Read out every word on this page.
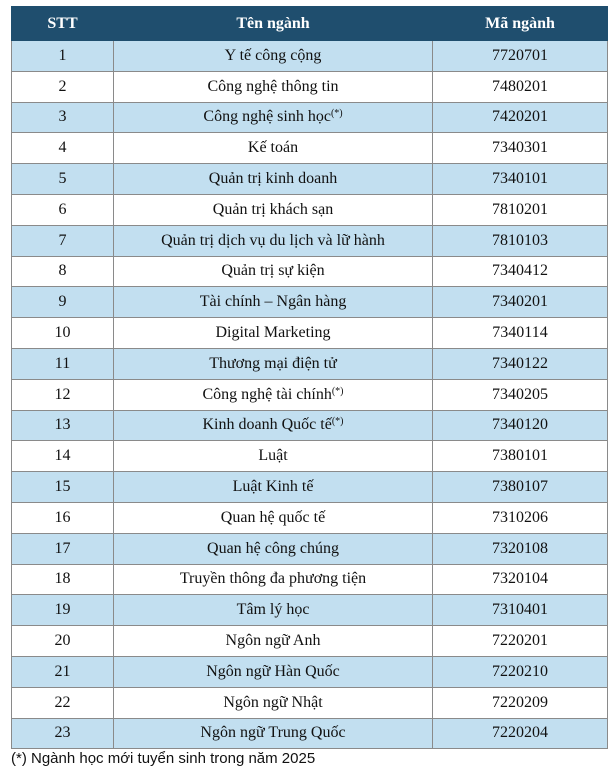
STT	Tên ngành	Mã ngành
1	Y tế công cộng	7720701
2	Công nghệ thông tin	7480201
3	Công nghệ sinh học(*)	7420201
4	Kế toán	7340301
5	Quản trị kinh doanh	7340101
6	Quản trị khách sạn	7810201
7	Quản trị dịch vụ du lịch và lữ hành	7810103
8	Quản trị sự kiện	7340412
9	Tài chính – Ngân hàng	7340201
10	Digital Marketing	7340114
11	Thương mại điện tử	7340122
12	Công nghệ tài chính(*)	7340205
13	Kinh doanh Quốc tế(*)	7340120
14	Luật	7380101
15	Luật Kinh tế	7380107
16	Quan hệ quốc tế	7310206
17	Quan hệ công chúng	7320108
18	Truyền thông đa phương tiện	7320104
19	Tâm lý học	7310401
20	Ngôn ngữ Anh	7220201
21	Ngôn ngữ Hàn Quốc	7220210
22	Ngôn ngữ Nhật	7220209
23	Ngôn ngữ Trung Quốc	7220204
(*) Ngành học mới tuyển sinh trong năm 2025
